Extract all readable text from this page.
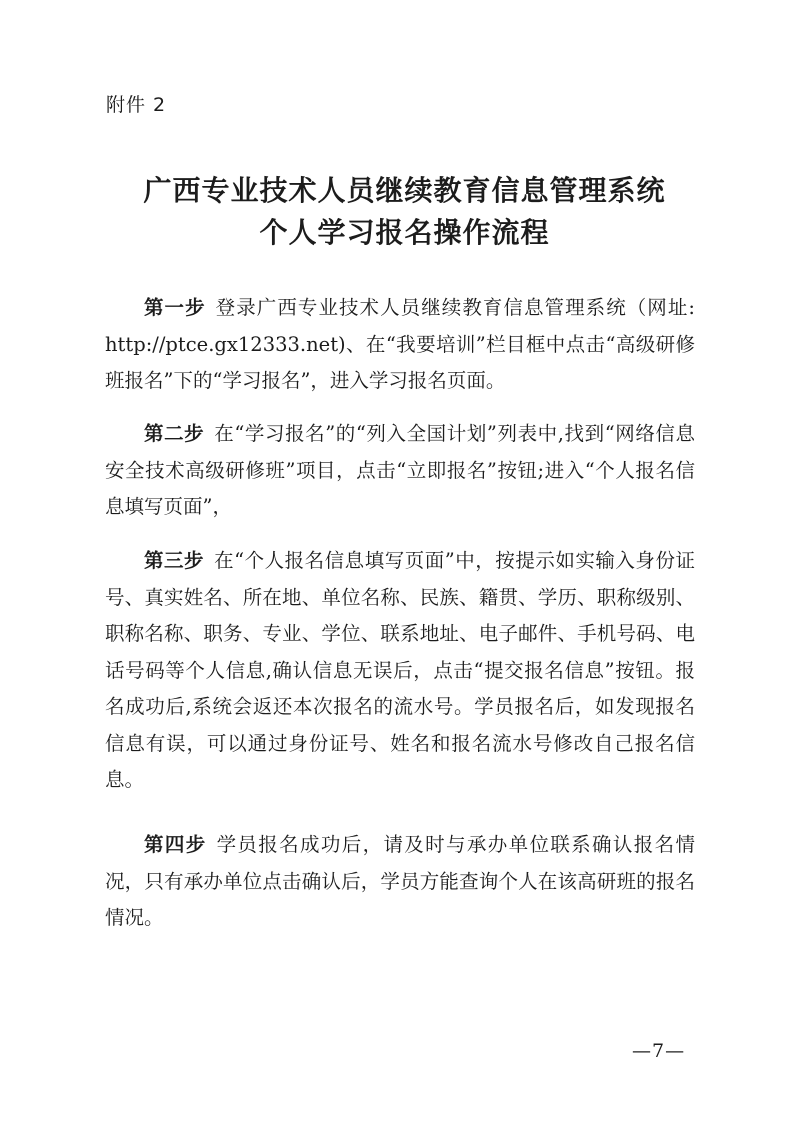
附件 2
广西专业技术人员继续教育信息管理系统
个人学习报名操作流程

第一步 登录广西专业技术人员继续教育信息管理系统（网址: http://ptce.gx12333.net)、在“我要培训”栏目框中点击“高级研修班报名”下的“学习报名”，进入学习报名页面。

第二步 在“学习报名”的“列入全国计划”列表中,找到“网络信息安全技术高级研修班”项目，点击“立即报名”按钮;进入“个人报名信息填写页面”，

第三步 在“个人报名信息填写页面”中，按提示如实输入身份证号、真实姓名、所在地、单位名称、民族、籍贯、学历、职称级别、职称名称、职务、专业、学位、联系地址、电子邮件、手机号码、电话号码等个人信息,确认信息无误后，点击“提交报名信息”按钮。报名成功后,系统会返还本次报名的流水号。学员报名后，如发现报名信息有误，可以通过身份证号、姓名和报名流水号修改自己报名信息。

第四步 学员报名成功后，请及时与承办单位联系确认报名情况，只有承办单位点击确认后，学员方能查询个人在该高研班的报名情况。

—7—
